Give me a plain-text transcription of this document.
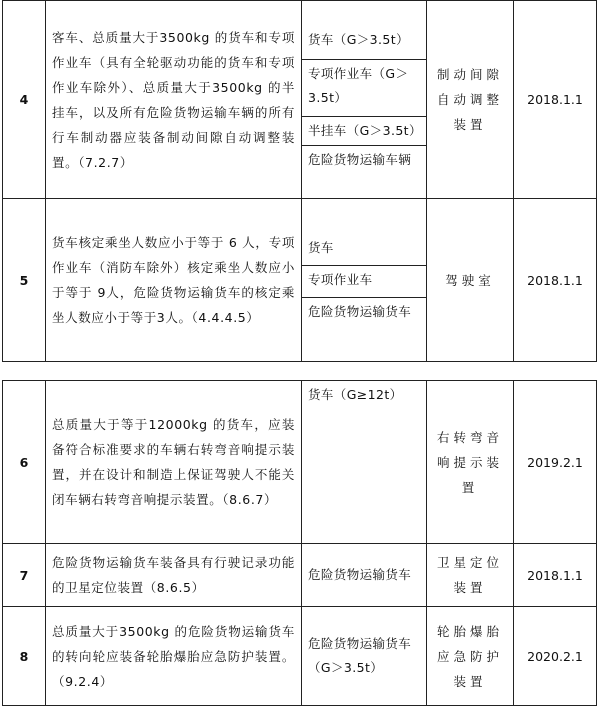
4	客车、总质量大于3500kg 的货车和专项作业车（具有全轮驱动功能的货车和专项作业车除外）、总质量大于3500kg 的半挂车，以及所有危险货物运输车辆的所有行车制动器应装备制动间隙自动调整装置。（7.2.7）	货车（G＞3.5t）
专项作业车（G＞3.5t）
半挂车（G＞3.5t）
危险货物运输车辆	制动间隙自动调整装置	2018.1.1
5	货车核定乘坐人数应小于等于 6 人，专项作业车（消防车除外）核定乘坐人数应小于等于 9人，危险货物运输货车的核定乘坐人数应小于等于3人。（4.4.4.5）	货车
专项作业车
危险货物运输货车	驾驶室	2018.1.1
6	总质量大于等于12000kg 的货车，应装备符合标准要求的车辆右转弯音响提示装置，并在设计和制造上保证驾驶人不能关闭车辆右转弯音响提示装置。（8.6.7）	货车（G≥12t）	右转弯音响提示装置	2019.2.1
7	危险货物运输货车装备具有行驶记录功能的卫星定位装置（8.6.5）	危险货物运输货车	卫星定位装置	2018.1.1
8	总质量大于3500kg 的危险货物运输货车的转向轮应装备轮胎爆胎应急防护装置。（9.2.4）	危险货物运输货车（G＞3.5t）	轮胎爆胎应急防护装置	2020.2.1
